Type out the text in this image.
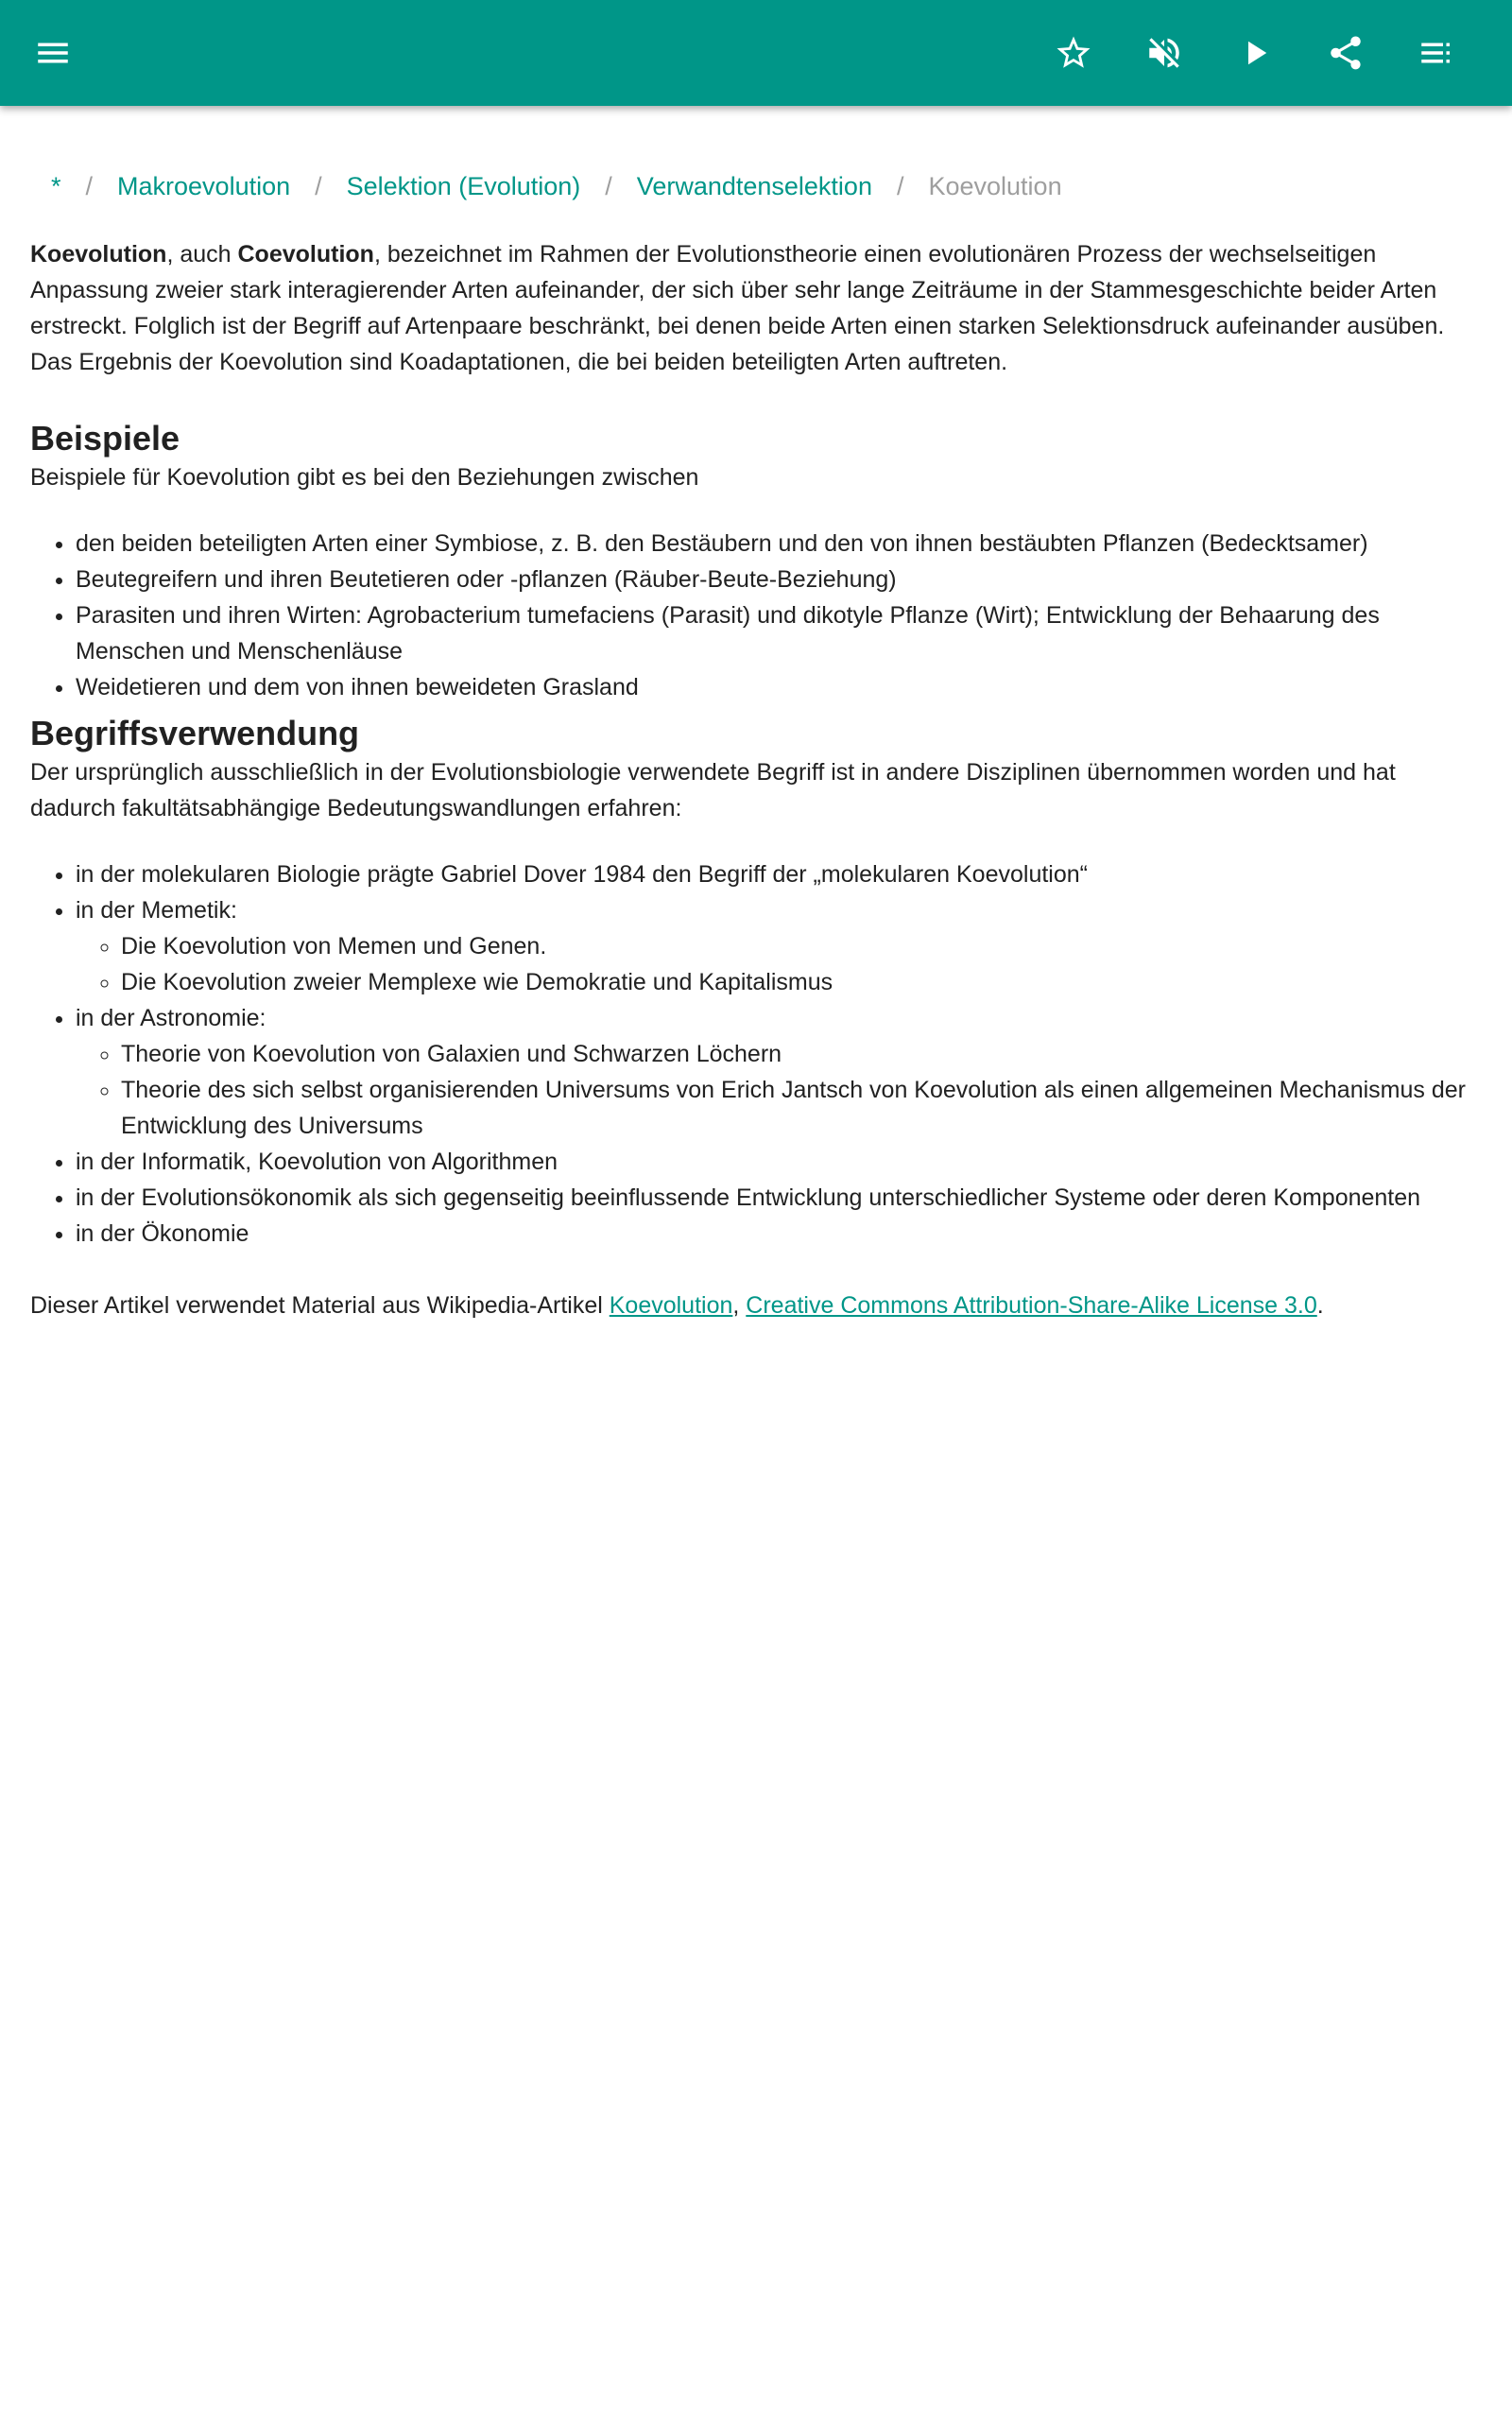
* / Makroevolution / Selektion (Evolution) / Verwandtenselektion / Koevolution

Koevolution, auch Coevolution, bezeichnet im Rahmen der Evolutionstheorie einen evolutionären Prozess der wechselseitigen Anpassung zweier stark interagierender Arten aufeinander, der sich über sehr lange Zeiträume in der Stammesgeschichte beider Arten erstreckt. Folglich ist der Begriff auf Artenpaare beschränkt, bei denen beide Arten einen starken Selektionsdruck aufeinander ausüben. Das Ergebnis der Koevolution sind Koadaptationen, die bei beiden beteiligten Arten auftreten.

Beispiele

Beispiele für Koevolution gibt es bei den Beziehungen zwischen

• den beiden beteiligten Arten einer Symbiose, z. B. den Bestäubern und den von ihnen bestäubten Pflanzen (Bedecktsamer)
• Beutegreifern und ihren Beutetieren oder -pflanzen (Räuber-Beute-Beziehung)
• Parasiten und ihren Wirten: Agrobacterium tumefaciens (Parasit) und dikotyle Pflanze (Wirt); Entwicklung der Behaarung des Menschen und Menschenläuse
• Weidetieren und dem von ihnen beweideten Grasland
Begriffsverwendung

Der ursprünglich ausschließlich in der Evolutionsbiologie verwendete Begriff ist in andere Disziplinen übernommen worden und hat dadurch fakultätsabhängige Bedeutungswandlungen erfahren:

• in der molekularen Biologie prägte Gabriel Dover 1984 den Begriff der „molekularen Koevolution“
• in der Memetik:
◦ Die Koevolution von Memen und Genen.
◦ Die Koevolution zweier Memplexe wie Demokratie und Kapitalismus
• in der Astronomie:
◦ Theorie von Koevolution von Galaxien und Schwarzen Löchern
◦ Theorie des sich selbst organisierenden Universums von Erich Jantsch von Koevolution als einen allgemeinen Mechanismus der Entwicklung des Universums
• in der Informatik, Koevolution von Algorithmen
• in der Evolutionsökonomik als sich gegenseitig beeinflussende Entwicklung unterschiedlicher Systeme oder deren Komponenten
• in der Ökonomie

Dieser Artikel verwendet Material aus Wikipedia-Artikel Koevolution, Creative Commons Attribution-Share-Alike License 3.0.
